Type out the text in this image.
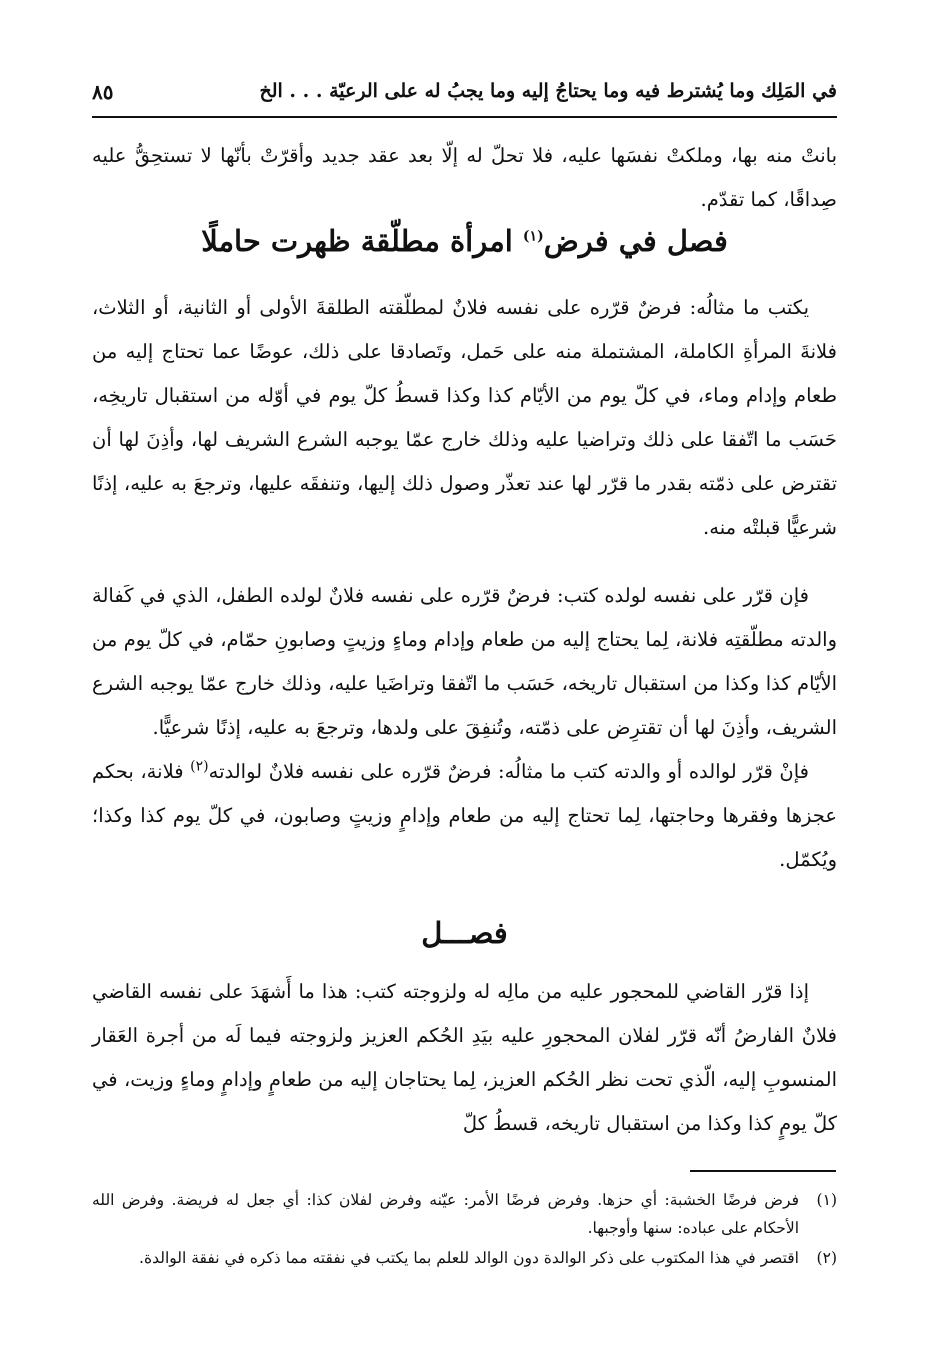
في المَلِك وما يُشترط فيه وما يحتاجُ إليه وما يجبُ له على الرعيّة . . . الخ
٨٥

بانتْ منه بها، وملكتْ نفسَها عليه، فلا تحلّ له إلّا بعد عقد جديد وأقرّتْ بأنّها لا تستحِقُّ عليه صِداقًا، كما تقدّم.

فصل في فرض$^{(١)}$ امرأة مطلّقة ظهرت حاملًا

يكتب ما مثالُه: فرضٌ قرّره على نفسه فلانٌ لمطلّقته الطلقةَ الأولى أو الثانية، أو الثلاث، فلانةَ المرأةِ الكاملة، المشتملة منه على حَمل، وتَصادقا على ذلك، عوضًا عما تحتاج إليه من طعام وإدام وماء، في كلّ يوم من الأيّام كذا وكذا قسطُ كلّ يوم في أوّله من استقبال تاريخِه، حَسَب ما اتّفقا على ذلك وتراضيا عليه وذلك خارج عمّا يوجبه الشرع الشريف لها، وأذِنَ لها أن تقترض على ذمّته بقدر ما قرّر لها عند تعذّر وصول ذلك إليها، وتنفقَه عليها، وترجعَ به عليه، إذنًا شرعيًّا قبلتْه منه.

فإن قرّر على نفسه لولده كتب: فرضٌ قرّره على نفسه فلانٌ لولده الطفل، الذي في كَفالة والدته مطلّقتِه فلانة، لِما يحتاج إليه من طعام وإدام وماءٍ وزيتٍ وصابونِ حمّام، في كلّ يوم من الأيّام كذا وكذا من استقبال تاريخه، حَسَب ما اتّفقا وتراضَيا عليه، وذلك خارج عمّا يوجبه الشرع الشريف، وأذِنَ لها أن تقترِض على ذمّته، وتُنفِقَ على ولدها، وترجعَ به عليه، إذنًا شرعيًّا.

فإنْ قرّر لوالده أو والدته كتب ما مثالُه: فرضٌ قرّره على نفسه فلانٌ لوالدته$^{(٢)}$ فلانة، بحكم عجزها وفقرها وحاجتها، لِما تحتاج إليه من طعام وإدامٍ وزيتٍ وصابون، في كلّ يوم كذا وكذا؛ ويُكمّل.

فصـــل

إذا قرّر القاضي للمحجور عليه من مالِه له ولزوجته كتب: هذا ما أَشهَدَ على نفسه القاضي فلانٌ الفارضُ أنّه قرّر لفلان المحجورِ عليه بيَدِ الحُكم العزيز ولزوجته فيما لَه من أجرة العَقار المنسوبِ إليه، الّذي تحت نظر الحُكم العزيز، لِما يحتاجان إليه من طعامٍ وإدامٍ وماءٍ وزيت، في كلّ يومٍ كذا وكذا من استقبال تاريخه، قسطُ كلّ

(١)
فرض فرضًا الخشبة: أي حزها. وفرض فرضًا الأمر: عيّنه وفرض لفلان كذا: أي جعل له فريضة. وفرض الله الأحكام على عباده: سنها وأوجبها.

(٢)
اقتصر في هذا المكتوب على ذكر الوالدة دون الوالد للعلم بما يكتب في نفقته مما ذكره في نفقة الوالدة.
